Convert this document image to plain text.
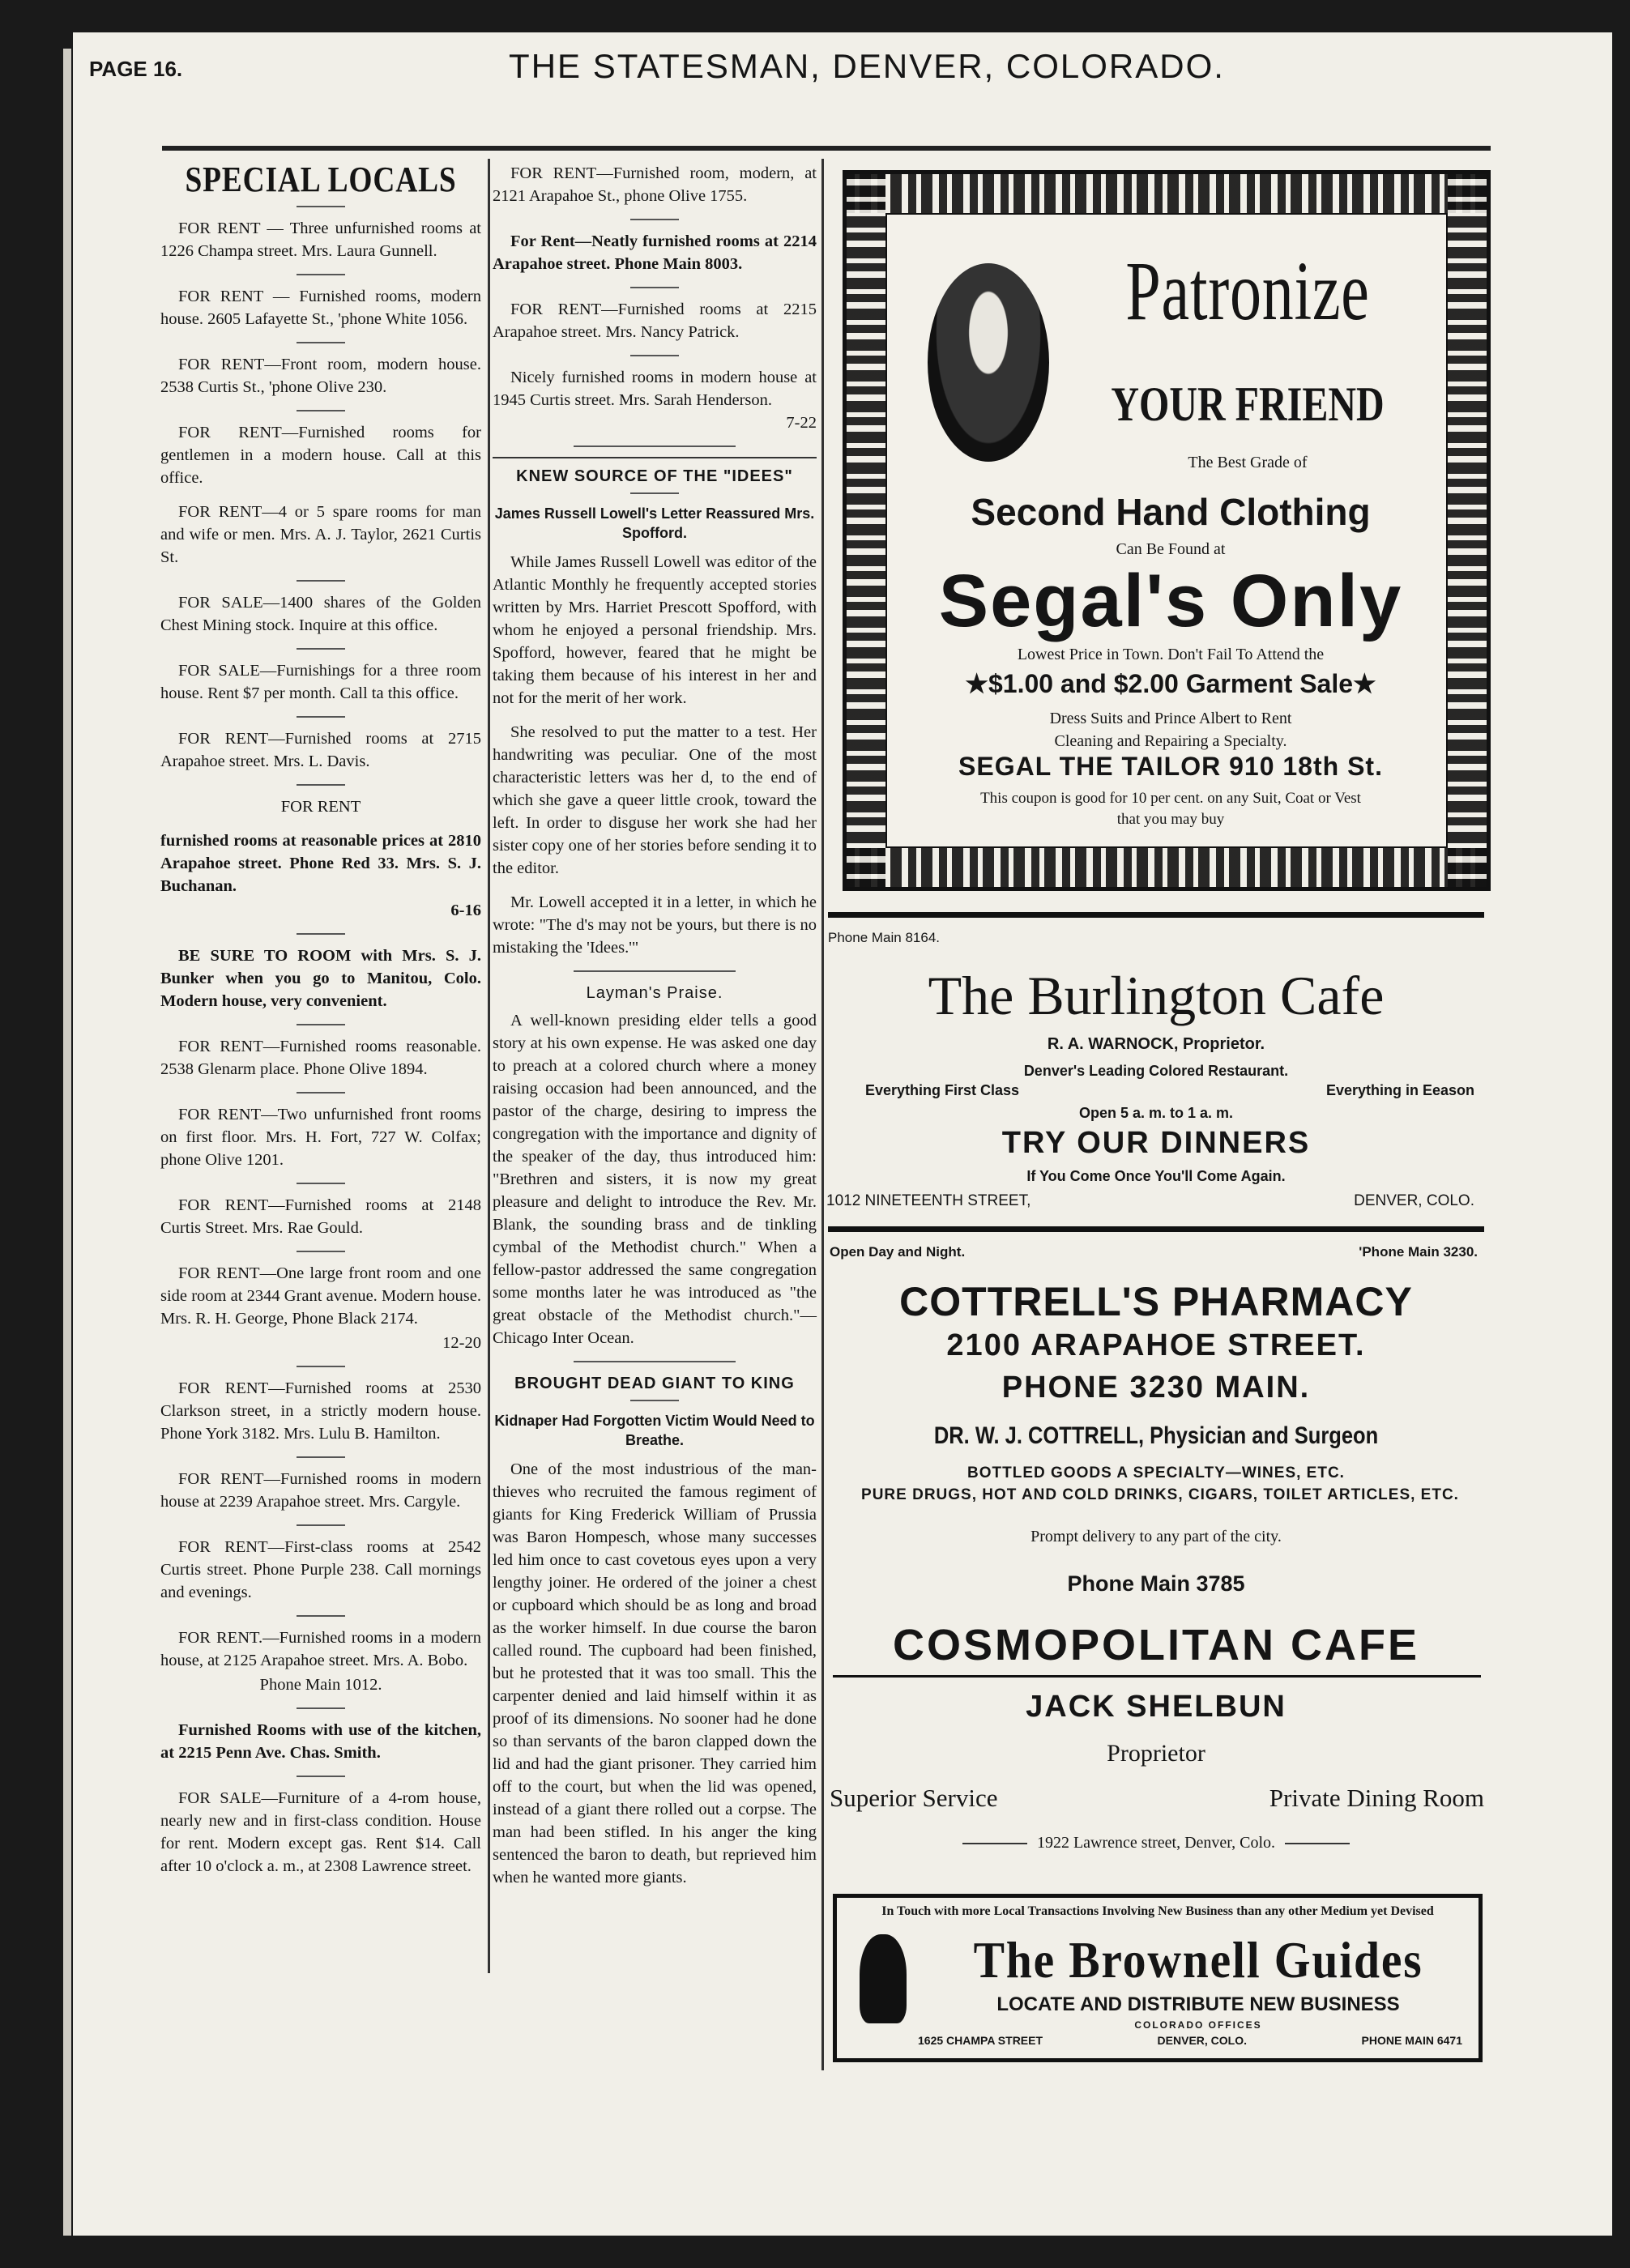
PAGE 16.	THE STATESMAN, DENVER, COLORADO.
SPECIAL LOCALS

FOR RENT — Three unfurnished rooms at 1226 Champa street. Mrs. Laura Gunnell.

FOR RENT — Furnished rooms, modern house. 2605 Lafayette St., 'phone White 1056.

FOR RENT—Front room, modern house. 2538 Curtis St., 'phone Olive 230.

FOR RENT—Furnished rooms for gentlemen in a modern house. Call at this office.

FOR RENT—4 or 5 spare rooms for man and wife or men. Mrs. A. J. Taylor, 2621 Curtis St.

FOR SALE—1400 shares of the Golden Chest Mining stock. Inquire at this office.

FOR SALE—Furnishings for a three room house. Rent $7 per month. Call ta this office.

FOR RENT—Furnished rooms at 2715 Arapahoe street. Mrs. L. Davis.

FOR RENT

furnished rooms at reasonable prices at 2810 Arapahoe street. Phone Red 33. Mrs. S. J. Buchanan.

6-16

BE SURE TO ROOM with Mrs. S. J. Bunker when you go to Manitou, Colo. Modern house, very convenient.

FOR RENT—Furnished rooms reasonable. 2538 Glenarm place. Phone Olive 1894.

FOR RENT—Two unfurnished front rooms on first floor. Mrs. H. Fort, 727 W. Colfax; phone Olive 1201.

FOR RENT—Furnished rooms at 2148 Curtis Street. Mrs. Rae Gould.

FOR RENT—One large front room and one side room at 2344 Grant avenue. Modern house. Mrs. R. H. George, Phone Black 2174.

12-20

FOR RENT—Furnished rooms at 2530 Clarkson street, in a strictly modern house. Phone York 3182. Mrs. Lulu B. Hamilton.

FOR RENT—Furnished rooms in modern house at 2239 Arapahoe street. Mrs. Cargyle.

FOR RENT—First-class rooms at 2542 Curtis street. Phone Purple 238. Call mornings and evenings.

FOR RENT.—Furnished rooms in a modern house, at 2125 Arapahoe street. Mrs. A. Bobo.

Phone Main 1012.

Furnished Rooms with use of the kitchen, at 2215 Penn Ave. Chas. Smith.

FOR SALE—Furniture of a 4-rom house, nearly new and in first-class condition. House for rent. Modern except gas. Rent $14. Call after 10 o'clock a. m., at 2308 Lawrence street.

FOR RENT—Furnished room, modern, at 2121 Arapahoe St., phone Olive 1755.

For Rent—Neatly furnished rooms at 2214 Arapahoe street. Phone Main 8003.

FOR RENT—Furnished rooms at 2215 Arapahoe street. Mrs. Nancy Patrick.

Nicely furnished rooms in modern house at 1945 Curtis street. Mrs. Sarah Henderson.

7-22

KNEW SOURCE OF THE "IDEES"
James Russell Lowell's Letter Reassured Mrs. Spofford.

While James Russell Lowell was editor of the Atlantic Monthly he frequently accepted stories written by Mrs. Harriet Prescott Spofford, with whom he enjoyed a personal friendship. Mrs. Spofford, however, feared that he might be taking them because of his interest in her and not for the merit of her work.

She resolved to put the matter to a test. Her handwriting was peculiar. One of the most characteristic letters was her d, to the end of which she gave a queer little crook, toward the left. In order to disguse her work she had her sister copy one of her stories before sending it to the editor.

Mr. Lowell accepted it in a letter, in which he wrote: "The d's may not be yours, but there is no mistaking the 'Idees.'"

Layman's Praise.

A well-known presiding elder tells a good story at his own expense. He was asked one day to preach at a colored church where a money raising occasion had been announced, and the pastor of the charge, desiring to impress the congregation with the importance and dignity of the speaker of the day, thus introduced him: "Brethren and sisters, it is now my great pleasure and delight to introduce the Rev. Mr. Blank, the sounding brass and de tinkling cymbal of the Methodist church." When a fellow-pastor addressed the same congregation some months later he was introduced as "the great obstacle of the Methodist church."—Chicago Inter Ocean.

BROUGHT DEAD GIANT TO KING
Kidnaper Had Forgotten Victim Would Need to Breathe.

One of the most industrious of the man-thieves who recruited the famous regiment of giants for King Frederick William of Prussia was Baron Hompesch, whose many successes led him once to cast covetous eyes upon a very lengthy joiner. He ordered of the joiner a chest or cupboard which should be as long and broad as the worker himself. In due course the baron called round. The cupboard had been finished, but he protested that it was too small. This the carpenter denied and laid himself within it as proof of its dimensions. No sooner had he done so than servants of the baron clapped down the lid and had the giant prisoner. They carried him off to the court, but when the lid was opened, instead of a giant there rolled out a corpse. The man had been stifled. In his anger the king sentenced the baron to death, but reprieved him when he wanted more giants.

Patronize
YOUR FRIEND
The Best Grade of
Second Hand Clothing
Can Be Found at
Segal's Only
Lowest Price in Town. Don't Fail To Attend the
★$1.00 and $2.00 Garment Sale★
Dress Suits and Prince Albert to Rent
Cleaning and Repairing a Specialty.
SEGAL THE TAILOR 910 18th St.
This coupon is good for 10 per cent. on any Suit, Coat or Vest
that you may buy
Phone Main 8164.
The Burlington Cafe
R. A. WARNOCK, Proprietor.
Denver's Leading Colored Restaurant.
Everything First Class	Everything in Eeason
Open 5 a. m. to 1 a. m.
TRY OUR DINNERS
If You Come Once You'll Come Again.
1012 NINETEENTH STREET,	DENVER, COLO.
Open Day and Night.	'Phone Main 3230.
COTTRELL'S PHARMACY
2100 ARAPAHOE STREET.
PHONE 3230 MAIN.
DR. W. J. COTTRELL, Physician and Surgeon
BOTTLED GOODS A SPECIALTY—WINES, ETC.
PURE DRUGS, HOT AND COLD DRINKS, CIGARS, TOILET ARTICLES, ETC.
Prompt delivery to any part of the city.
Phone Main 3785
COSMOPOLITAN CAFE
JACK SHELBUN
Proprietor
Superior Service	Private Dining Room
1922 Lawrence street, Denver, Colo.
In Touch with more Local Transactions Involving New Business than any other Medium yet Devised
The Brownell Guides
LOCATE AND DISTRIBUTE NEW BUSINESS
COLORADO OFFICES
1625 CHAMPA STREET	DENVER, COLO.	PHONE MAIN 6471
